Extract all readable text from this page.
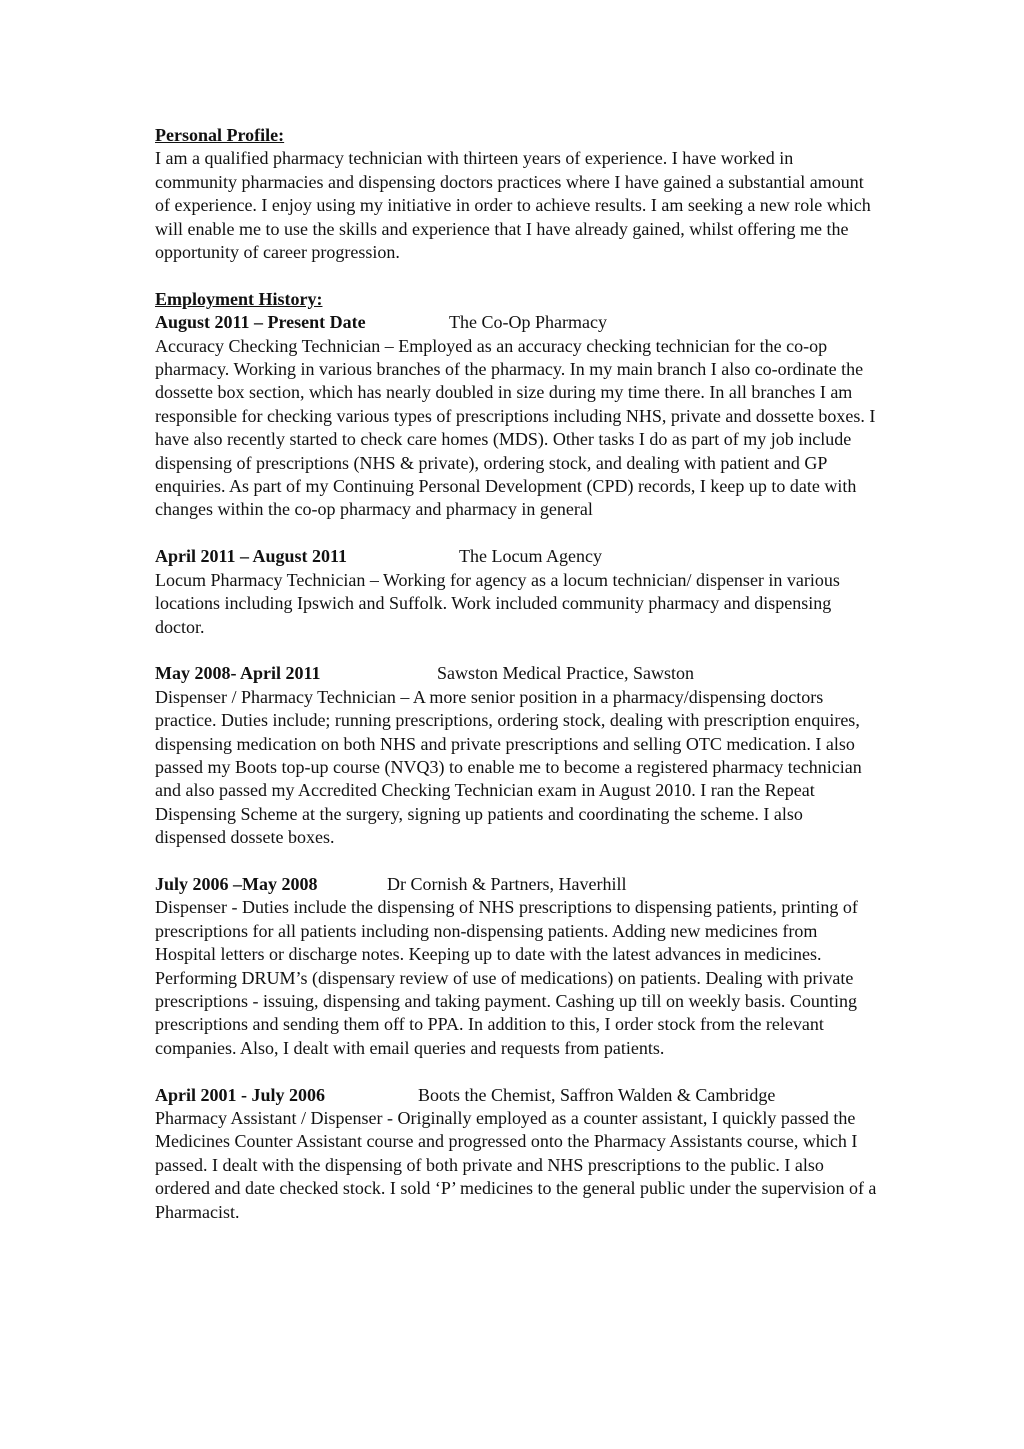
Personal Profile:

I am a qualified pharmacy technician with thirteen years of experience. I have worked in community pharmacies and dispensing doctors practices where I have gained a substantial amount of experience. I enjoy using my initiative in order to achieve results. I am seeking a new role which will enable me to use the skills and experience that I have already gained, whilst offering me the opportunity of career progression.

Employment History:

August 2011 – Present Date	The Co-Op Pharmacy

Accuracy Checking Technician – Employed as an accuracy checking technician for the co-op pharmacy. Working in various branches of the pharmacy. In my main branch I also co-ordinate the dossette box section, which has nearly doubled in size during my time there. In all branches I am responsible for checking various types of prescriptions including NHS, private and dossette boxes. I have also recently started to check care homes (MDS). Other tasks I do as part of my job include dispensing of prescriptions (NHS & private), ordering stock, and dealing with patient and GP enquiries. As part of my Continuing Personal Development (CPD) records, I keep up to date with changes within the co-op pharmacy and pharmacy in general

April 2011 – August 2011	The Locum Agency

Locum Pharmacy Technician – Working for agency as a locum technician/ dispenser in various locations including Ipswich and Suffolk. Work included community pharmacy and dispensing doctor.

May 2008- April 2011	Sawston Medical Practice, Sawston

Dispenser / Pharmacy Technician – A more senior position in a pharmacy/dispensing doctors practice. Duties include; running prescriptions, ordering stock, dealing with prescription enquires, dispensing medication on both NHS and private prescriptions and selling OTC medication. I also passed my Boots top-up course (NVQ3) to enable me to become a registered pharmacy technician and also passed my Accredited Checking Technician exam in August 2010. I ran the Repeat Dispensing Scheme at the surgery, signing up patients and coordinating the scheme. I also dispensed dossete boxes.

July 2006 –May 2008	Dr Cornish & Partners, Haverhill

Dispenser - Duties include the dispensing of NHS prescriptions to dispensing patients, printing of prescriptions for all patients including non-dispensing patients. Adding new medicines from Hospital letters or discharge notes. Keeping up to date with the latest advances in medicines. Performing DRUM’s (dispensary review of use of medications) on patients. Dealing with private prescriptions - issuing, dispensing and taking payment. Cashing up till on weekly basis. Counting prescriptions and sending them off to PPA. In addition to this, I order stock from the relevant companies. Also, I dealt with email queries and requests from patients.

April 2001 - July 2006	Boots the Chemist, Saffron Walden & Cambridge

Pharmacy Assistant / Dispenser - Originally employed as a counter assistant, I quickly passed the Medicines Counter Assistant course and progressed onto the Pharmacy Assistants course, which I passed. I dealt with the dispensing of both private and NHS prescriptions to the public. I also ordered and date checked stock. I sold ‘P’ medicines to the general public under the supervision of a Pharmacist.
